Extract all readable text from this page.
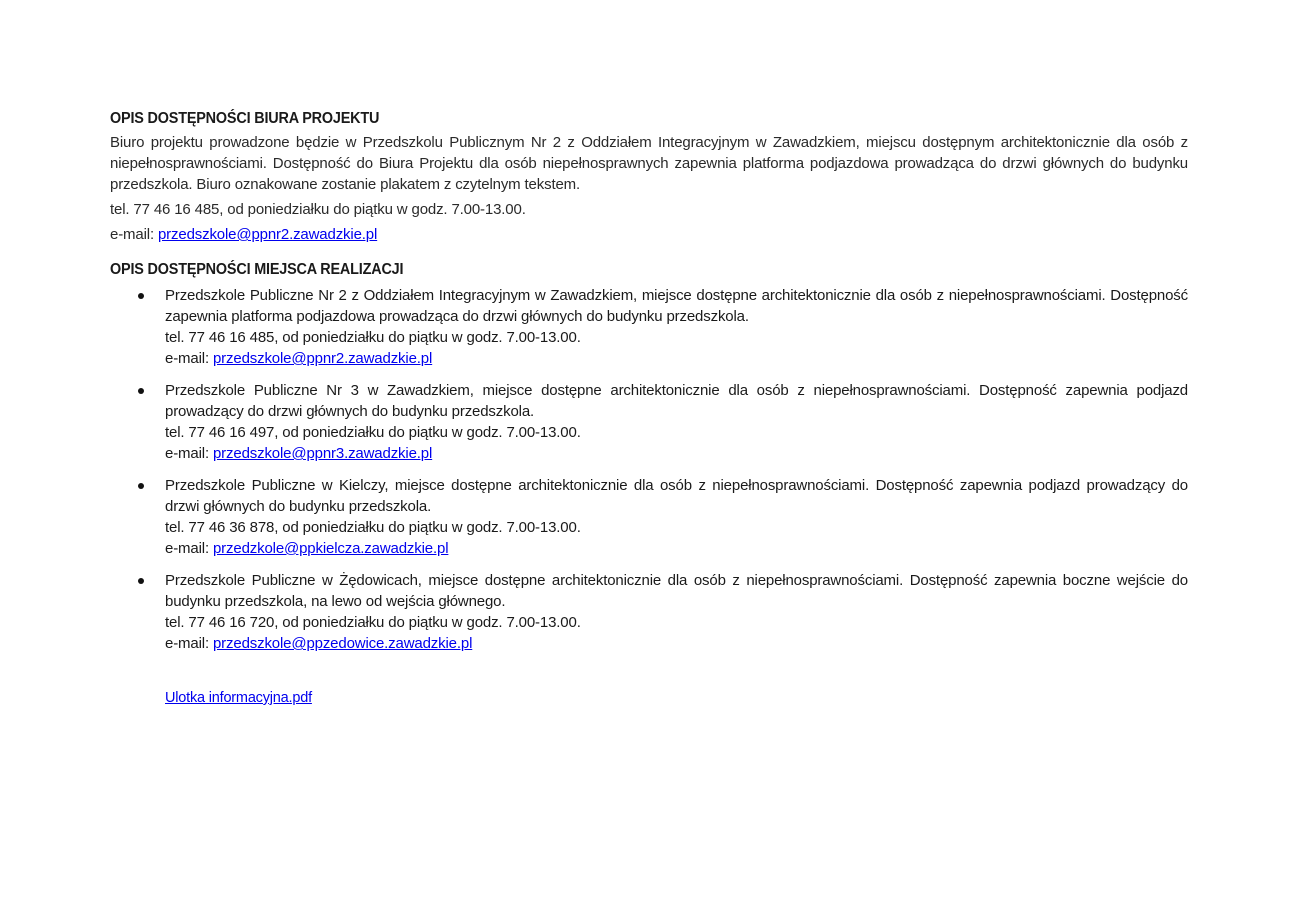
OPIS DOSTĘPNOŚCI BIURA PROJEKTU

Biuro projektu prowadzone będzie w Przedszkolu Publicznym Nr 2 z Oddziałem Integracyjnym w Zawadzkiem, miejscu dostępnym architektonicznie dla osób z niepełnosprawnościami. Dostępność do Biura Projektu dla osób niepełnosprawnych zapewnia platforma podjazdowa prowadząca do drzwi głównych do budynku przedszkola. Biuro oznakowane zostanie plakatem z czytelnym tekstem.

tel. 77 46 16 485, od poniedziałku do piątku w godz. 7.00-13.00.

e-mail: przedszkole@ppnr2.zawadzkie.pl

OPIS DOSTĘPNOŚCI MIEJSCA REALIZACJI
Przedszkole Publiczne Nr 2 z Oddziałem Integracyjnym w Zawadzkiem, miejsce dostępne architektonicznie dla osób z niepełnosprawnościami. Dostępność zapewnia platforma podjazdowa prowadząca do drzwi głównych do budynku przedszkola.
tel. 77 46 16 485, od poniedziałku do piątku w godz. 7.00-13.00.
e-mail: przedszkole@ppnr2.zawadzkie.pl
Przedszkole Publiczne Nr 3 w Zawadzkiem, miejsce dostępne architektonicznie dla osób z niepełnosprawnościami. Dostępność zapewnia podjazd prowadzący do drzwi głównych do budynku przedszkola.
tel. 77 46 16 497, od poniedziałku do piątku w godz. 7.00-13.00.
e-mail: przedszkole@ppnr3.zawadzkie.pl
Przedszkole Publiczne w Kielczy, miejsce dostępne architektonicznie dla osób z niepełnosprawnościami. Dostępność zapewnia podjazd prowadzący do drzwi głównych do budynku przedszkola.
tel. 77 46 36 878, od poniedziałku do piątku w godz. 7.00-13.00.
e-mail: przedzkole@ppkielcza.zawadzkie.pl
Przedszkole Publiczne w Żędowicach, miejsce dostępne architektonicznie dla osób z niepełnosprawnościami. Dostępność zapewnia boczne wejście do budynku przedszkola, na lewo od wejścia głównego.
tel. 77 46 16 720, od poniedziałku do piątku w godz. 7.00-13.00.
e-mail: przedszkole@ppzedowice.zawadzkie.pl
Ulotka informacyjna.pdf
